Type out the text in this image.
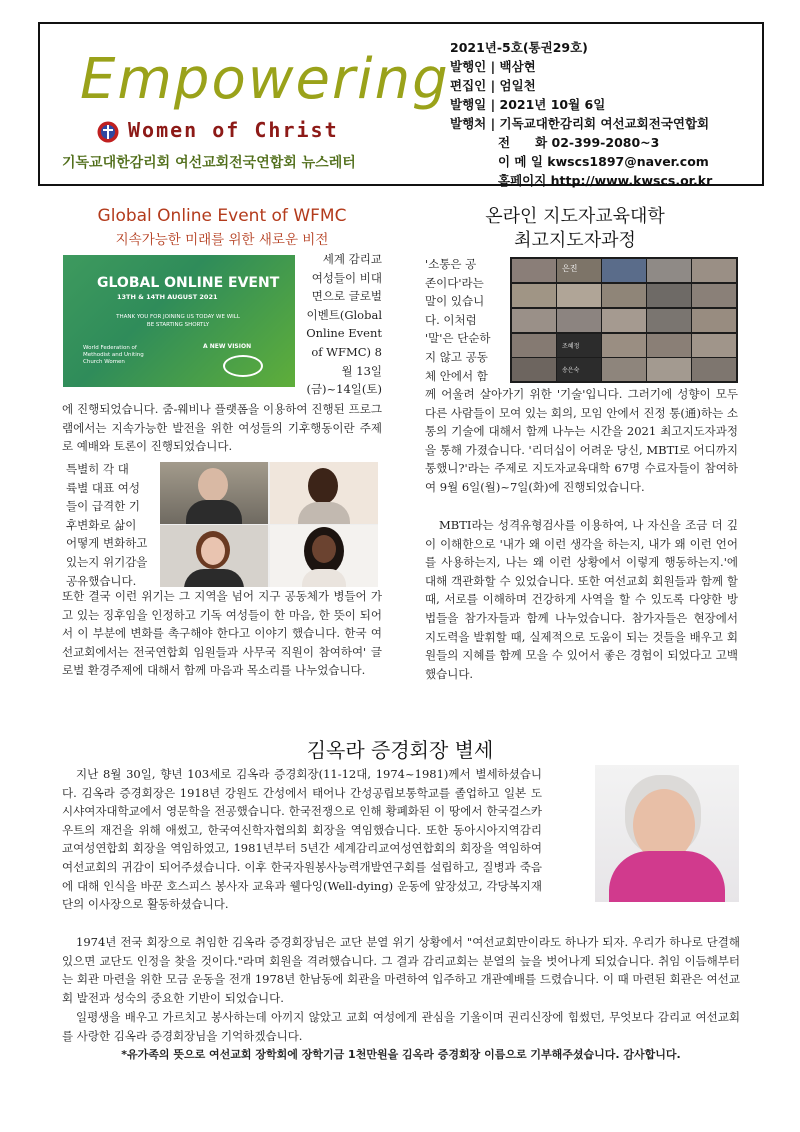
Empowering
Women of Christ
기독교대한감리회 여선교회전국연합회 뉴스레터
2021년-5호(통권29호)
발행인 | 백삼현
편집인 | 엄일천
발행일 | 2021년 10월 6일
발행처 | 기독교대한감리회 여선교회전국연합회
전　　화 02-399-2080~3
이 메 일 kwscs1897@naver.com
홈페이지 http://www.kwscs.or.kr
Global Online Event of WFMC
지속가능한 미래를 위한 새로운 비전
GLOBAL ONLINE EVENT
13TH & 14TH AUGUST 2021
THANK YOU FOR JOINING US TODAY WE WILL BE STARTING SHORTLY
World Federation of Methodist and Uniting Church Women
A NEW VISION
세계 감리교
여성들이 비대
면으로 글로벌
이벤트(Global
Online Event
of WFMC) 8
월 13일
(금)~14일(토)
에 진행되었습니다. 줌-웨비나 플랫폼을 이용하여 진행된 프로그램에서는 지속가능한 발전을 위한 여성들의 기후행동이란 주제로 예배와 토론이 진행되었습니다.
특별히 각 대
륙별 대표 여성
들이 급격한 기
후변화로 삶이
어떻게 변화하고
있는지 위기감을
공유했습니다.
또한 결국 이런 위기는 그 지역을 넘어 지구 공동체가 병들어 가고 있는 징후임을 인정하고 기독 여성들이 한 마음, 한 뜻이 되어서 이 부분에 변화를 촉구해야 한다고 이야기 했습니다. 한국 여선교회에서는 전국연합회 임원들과 사무국 직원이 참여하여' 글로벌 환경주제에 대해서 함께 마음과 목소리를 나누었습니다.
온라인 지도자교육대학
최고지도자과정
'소통은 공
존이다'라는
말이 있습니
다. 이처럼
'말'은 단순하
지 않고 공동
체 안에서 함
은진
조혜정
송은숙
께 어울려 살아가기 위한 '기술'입니다. 그러기에 성향이 모두 다른 사람들이 모여 있는 회의, 모임 안에서 진정 통(通)하는 소통의 기술에 대해서 함께 나누는 시간을 2021 최고지도자과정을 통해 가졌습니다. '리더십이 어려운 당신, MBTI로 어디까지 통했니?'라는 주제로 지도자교육대학 67명 수료자들이 참여하여 9월 6일(월)~7일(화)에 진행되었습니다.
MBTI라는 성격유형검사를 이용하여, 나 자신을 조금 더 깊이 이해한으로 '내가 왜 이런 생각을 하는지, 내가 왜 이런 언어를 사용하는지, 나는 왜 이런 상황에서 이렇게 행동하는지.'에 대해 객관화할 수 있었습니다. 또한 여선교회 회원들과 함께 할 때, 서로를 이해하며 건강하게 사역을 할 수 있도록 다양한 방법들을 참가자들과 함께 나누었습니다. 참가자들은 현장에서 지도력을 발휘할 때, 실제적으로 도움이 되는 것들을 배우고 회원들의 지혜를 함께 모을 수 있어서 좋은 경험이 되었다고 고백했습니다.
김옥라 증경회장 별세
지난 8월 30일, 향년 103세로 김옥라 증경회장(11-12대, 1974~1981)께서 별세하셨습니다. 김옥라 증경회장은 1918년 강원도 간성에서 태어나 간성공립보통학교를 졸업하고 일본 도시샤여자대학교에서 영문학을 전공했습니다. 한국전쟁으로 인해 황폐화된 이 땅에서 한국걸스카우트의 재건을 위해 애썼고, 한국여신학자협의회 회장을 역임했습니다. 또한 동아시아지역감리교여성연합회 회장을 역임하였고, 1981년부터 5년간 세계감리교여성연합회의 회장을 역임하여 여선교회의 귀감이 되어주셨습니다. 이후 한국자원봉사능력개발연구회를 설립하고, 질병과 죽음에 대해 인식을 바꾼 호스피스 봉사자 교육과 웰다잉(Well-dying) 운동에 앞장섰고, 각당복지재단의 이사장으로 활동하셨습니다.
1974년 전국 회장으로 취임한 김옥라 증경회장님은 교단 분열 위기 상황에서 "여선교회만이라도 하나가 되자. 우리가 하나로 단결해 있으면 교단도 인정을 찾을 것이다."라며 회원을 격려했습니다. 그 결과 감리교회는 분열의 늪을 벗어나게 되었습니다. 취임 이듬해부터는 회관 마련을 위한 모금 운동을 전개 1978년 한남동에 회관을 마련하여 입주하고 개관예배를 드렸습니다. 이 때 마련된 회관은 여선교회 발전과 성숙의 중요한 기반이 되었습니다.
일평생을 배우고 가르치고 봉사하는데 아끼지 않았고 교회 여성에게 관심을 기울이며 권리신장에 힘썼던, 무엇보다 감리교 여선교회를 사랑한 김옥라 증경회장님을 기억하겠습니다.
*유가족의 뜻으로 여선교회 장학회에 장학기금 1천만원을 김옥라 증경회장 이름으로 기부해주셨습니다. 감사합니다.
